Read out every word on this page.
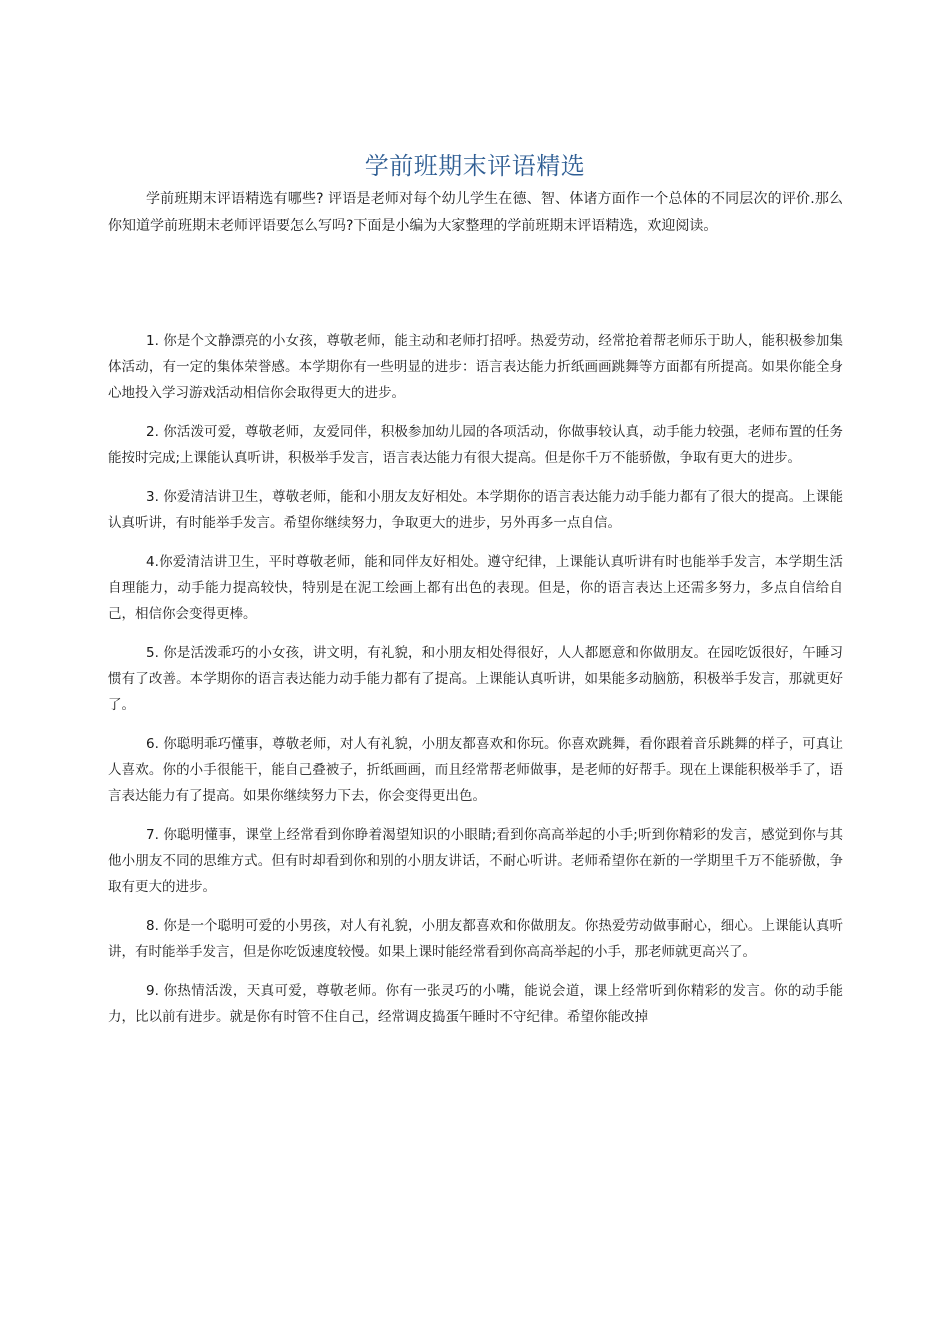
学前班期末评语精选

学前班期末评语精选有哪些? 评语是老师对每个幼儿学生在德、智、体诸方面作一个总体的不同层次的评价.那么你知道学前班期末老师评语要怎么写吗?下面是小编为大家整理的学前班期末评语精选，欢迎阅读。

1. 你是个文静漂亮的小女孩，尊敬老师，能主动和老师打招呼。热爱劳动，经常抢着帮老师乐于助人，能积极参加集体活动，有一定的集体荣誉感。本学期你有一些明显的进步：语言表达能力折纸画画跳舞等方面都有所提高。如果你能全身心地投入学习游戏活动相信你会取得更大的进步。

2. 你活泼可爱，尊敬老师，友爱同伴，积极参加幼儿园的各项活动，你做事较认真，动手能力较强，老师布置的任务能按时完成;上课能认真听讲，积极举手发言，语言表达能力有很大提高。但是你千万不能骄傲，争取有更大的进步。

3. 你爱清洁讲卫生，尊敬老师，能和小朋友友好相处。本学期你的语言表达能力动手能力都有了很大的提高。上课能认真听讲，有时能举手发言。希望你继续努力，争取更大的进步，另外再多一点自信。

4.你爱清洁讲卫生，平时尊敬老师，能和同伴友好相处。遵守纪律，上课能认真听讲有时也能举手发言，本学期生活自理能力，动手能力提高较快，特别是在泥工绘画上都有出色的表现。但是，你的语言表达上还需多努力，多点自信给自己，相信你会变得更棒。

5. 你是活泼乖巧的小女孩，讲文明，有礼貌，和小朋友相处得很好，人人都愿意和你做朋友。在园吃饭很好，午睡习惯有了改善。本学期你的语言表达能力动手能力都有了提高。上课能认真听讲，如果能多动脑筋，积极举手发言，那就更好了。

6. 你聪明乖巧懂事，尊敬老师，对人有礼貌，小朋友都喜欢和你玩。你喜欢跳舞，看你跟着音乐跳舞的样子，可真让人喜欢。你的小手很能干，能自己叠被子，折纸画画，而且经常帮老师做事，是老师的好帮手。现在上课能积极举手了，语言表达能力有了提高。如果你继续努力下去，你会变得更出色。

7. 你聪明懂事，课堂上经常看到你睁着渴望知识的小眼睛;看到你高高举起的小手;听到你精彩的发言，感觉到你与其他小朋友不同的思维方式。但有时却看到你和别的小朋友讲话，不耐心听讲。老师希望你在新的一学期里千万不能骄傲，争取有更大的进步。

8. 你是一个聪明可爱的小男孩，对人有礼貌，小朋友都喜欢和你做朋友。你热爱劳动做事耐心，细心。上课能认真听讲，有时能举手发言，但是你吃饭速度较慢。如果上课时能经常看到你高高举起的小手，那老师就更高兴了。

9. 你热情活泼，天真可爱，尊敬老师。你有一张灵巧的小嘴，能说会道，课上经常听到你精彩的发言。你的动手能力，比以前有进步。就是你有时管不住自己，经常调皮捣蛋午睡时不守纪律。希望你能改掉
